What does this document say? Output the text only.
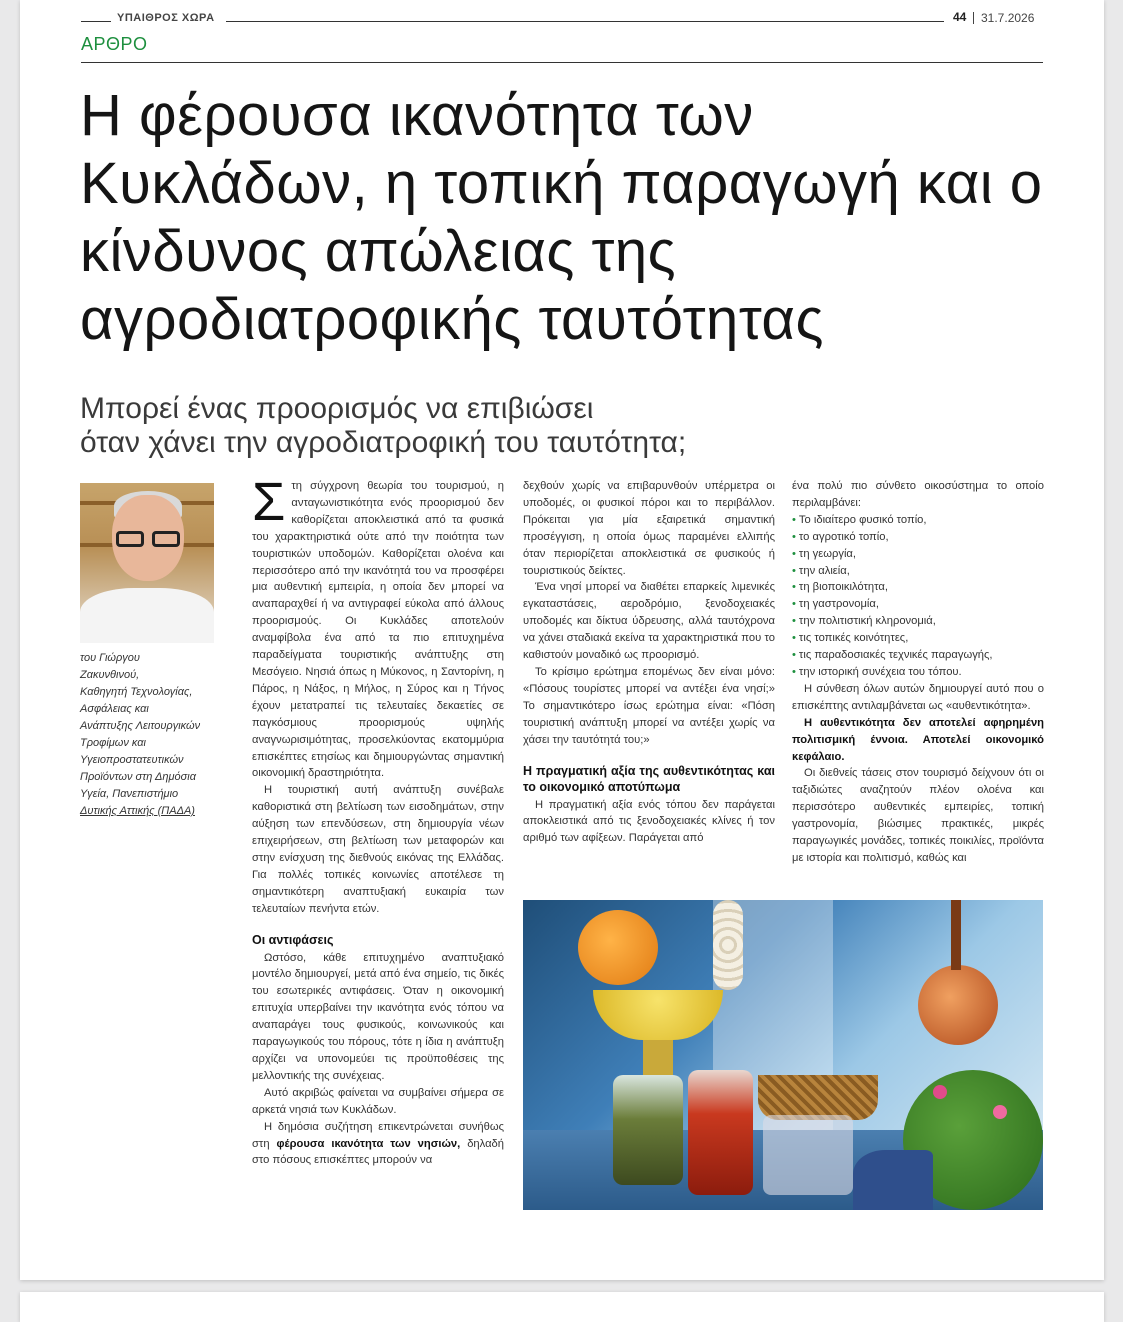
ΥΠΑΙΘΡΟΣ ΧΩΡΑ	44 31.7.2026
ΑΡΘΡΟ
Η φέρουσα ικανότητα των Κυκλάδων, η τοπική παραγωγή και ο κίνδυνος απώλειας της αγροδιατροφικής ταυτότητας
Μπορεί ένας προορισμός να επιβιώσει
όταν χάνει την αγροδιατροφική του ταυτότητα;

του Γιώργου
Ζακυνθινού,
Καθηγητή Τεχνολογίας,
Ασφάλειας και
Ανάπτυξης Λειτουργικών
Τροφίμων και
Υγειοπροστατευτικών
Προϊόντων στη Δημόσια
Υγεία, Πανεπιστήμιο
Δυτικής Αττικής (ΠΑΔΑ)

Στη σύγχρονη θεωρία του τουρισμού, η ανταγωνιστικότητα ενός προορισμού δεν καθορίζεται αποκλειστικά από τα φυσικά του χαρακτηριστικά ούτε από την ποιότητα των τουριστικών υποδομών. Καθορίζεται ολοένα και περισσότερο από την ικανότητά του να προσφέρει μια αυθεντική εμπειρία, η οποία δεν μπορεί να αναπαραχθεί ή να αντιγραφεί εύκολα από άλλους προορισμούς. Οι Κυκλάδες αποτελούν αναμφίβολα ένα από τα πιο επιτυχημένα παραδείγματα τουριστικής ανάπτυξης στη Μεσόγειο. Νησιά όπως η Μύκονος, η Σαντορίνη, η Πάρος, η Νάξος, η Μήλος, η Σύρος και η Τήνος έχουν μετατραπεί τις τελευταίες δεκαετίες σε παγκόσμιους προορισμούς υψηλής αναγνωρισιμότητας, προσελκύοντας εκατομμύρια επισκέπτες ετησίως και δημιουργώντας σημαντική οικονομική δραστηριότητα.

Η τουριστική αυτή ανάπτυξη συνέβαλε καθοριστικά στη βελτίωση των εισοδημάτων, στην αύξηση των επενδύσεων, στη δημιουργία νέων επιχειρήσεων, στη βελτίωση των μεταφορών και στην ενίσχυση της διεθνούς εικόνας της Ελλάδας. Για πολλές τοπικές κοινωνίες αποτέλεσε τη σημαντικότερη αναπτυξιακή ευκαιρία των τελευταίων πενήντα ετών.

Οι αντιφάσεις

Ωστόσο, κάθε επιτυχημένο αναπτυξιακό μοντέλο δημιουργεί, μετά από ένα σημείο, τις δικές του εσωτερικές αντιφάσεις. Όταν η οικονομική επιτυχία υπερβαίνει την ικανότητα ενός τόπου να αναπαράγει τους φυσικούς, κοινωνικούς και παραγωγικούς του πόρους, τότε η ίδια η ανάπτυξη αρχίζει να υπονομεύει τις προϋποθέσεις της μελλοντικής της συνέχειας.

Αυτό ακριβώς φαίνεται να συμβαίνει σήμερα σε αρκετά νησιά των Κυκλάδων.

Η δημόσια συζήτηση επικεντρώνεται συνήθως στη φέρουσα ικανότητα των νησιών, δηλαδή στο πόσους επισκέπτες μπορούν να

δεχθούν χωρίς να επιβαρυνθούν υπέρμετρα οι υποδομές, οι φυσικοί πόροι και το περιβάλλον. Πρόκειται για μία εξαιρετικά σημαντική προσέγγιση, η οποία όμως παραμένει ελλιπής όταν περιορίζεται αποκλειστικά σε φυσικούς ή τουριστικούς δείκτες.

Ένα νησί μπορεί να διαθέτει επαρκείς λιμενικές εγκαταστάσεις, αεροδρόμιο, ξενοδοχειακές υποδομές και δίκτυα ύδρευσης, αλλά ταυτόχρονα να χάνει σταδιακά εκείνα τα χαρακτηριστικά που το καθιστούν μοναδικό ως προορισμό.

Το κρίσιμο ερώτημα επομένως δεν είναι μόνο: «Πόσους τουρίστες μπορεί να αντέξει ένα νησί;» Το σημαντικότερο ίσως ερώτημα είναι: «Πόση τουριστική ανάπτυξη μπορεί να αντέξει χωρίς να χάσει την ταυτότητά του;»

Η πραγματική αξία της αυθεντικότητας και το οικονομικό αποτύπωμα

Η πραγματική αξία ενός τόπου δεν παράγεται αποκλειστικά από τις ξενοδοχειακές κλίνες ή τον αριθμό των αφίξεων. Παράγεται από

ένα πολύ πιο σύνθετο οικοσύστημα το οποίο περιλαμβάνει:

• Το ιδιαίτερο φυσικό τοπίο,
• το αγροτικό τοπίο,
• τη γεωργία,
• την αλιεία,
• τη βιοποικιλότητα,
• τη γαστρονομία,
• την πολιτιστική κληρονομιά,
• τις τοπικές κοινότητες,
• τις παραδοσιακές τεχνικές παραγωγής,
• την ιστορική συνέχεια του τόπου.

Η σύνθεση όλων αυτών δημιουργεί αυτό που ο επισκέπτης αντιλαμβάνεται ως «αυθεντικότητα».

Η αυθεντικότητα δεν αποτελεί αφηρημένη πολιτισμική έννοια. Αποτελεί οικονομικό κεφάλαιο.

Οι διεθνείς τάσεις στον τουρισμό δείχνουν ότι οι ταξιδιώτες αναζητούν πλέον ολοένα και περισσότερο αυθεντικές εμπειρίες, τοπική γαστρονομία, βιώσιμες πρακτικές, μικρές παραγωγικές μονάδες, τοπικές ποικιλίες, προϊόντα με ιστορία και πολιτισμό, καθώς και
